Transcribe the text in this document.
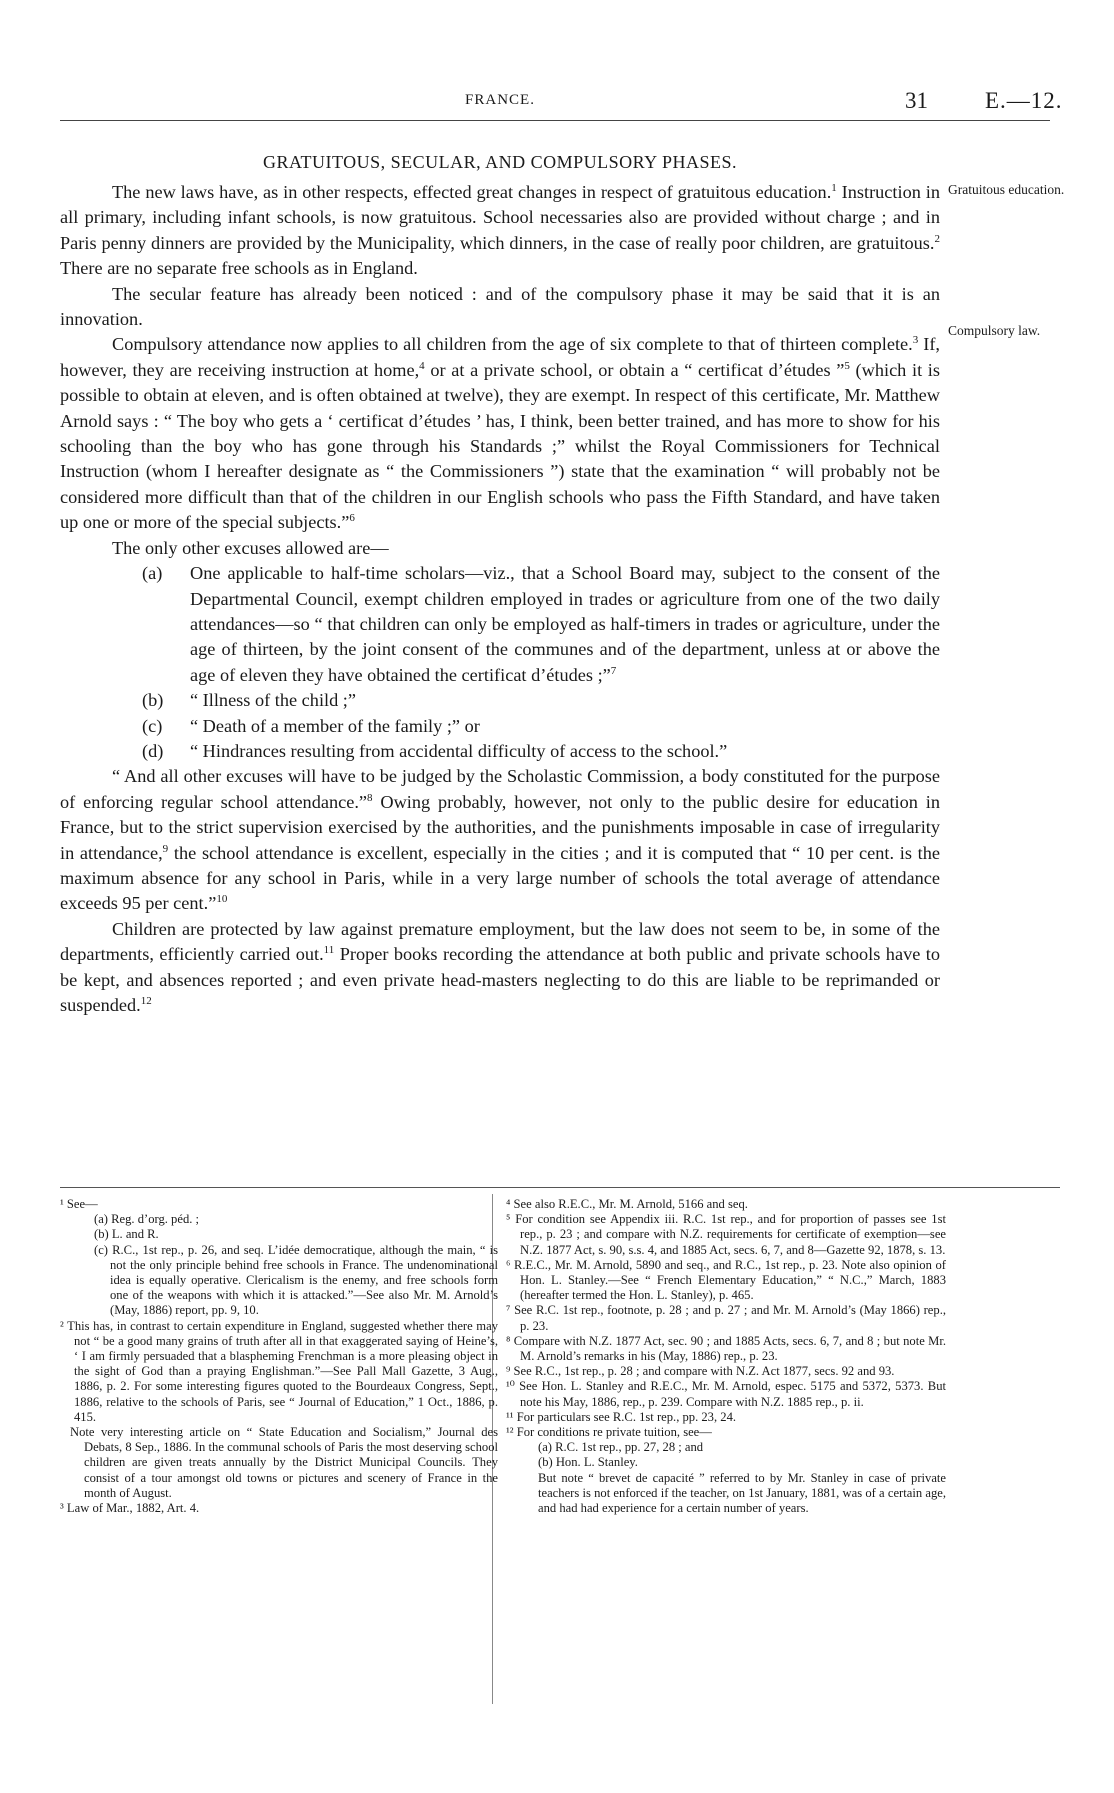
FRANCE.	31 E.—12.
GRATUITOUS, SECULAR, AND COMPULSORY PHASES.
Gratuitous education.
Compulsory law.

The new laws have, as in other respects, effected great changes in respect of gratuitous education.$^1$ Instruction in all primary, including infant schools, is now gratuitous. School necessaries also are provided without charge ; and in Paris penny dinners are provided by the Municipality, which dinners, in the case of really poor children, are gratuitous.$^2$ There are no separate free schools as in England.

The secular feature has already been noticed : and of the compulsory phase it may be said that it is an innovation.

Compulsory attendance now applies to all children from the age of six complete to that of thirteen complete.$^3$ If, however, they are receiving instruction at home,$^4$ or at a private school, or obtain a “ certificat d’études ”$^5$ (which it is possible to obtain at eleven, and is often obtained at twelve), they are exempt. In respect of this certificate, Mr. Matthew Arnold says : “ The boy who gets a ‘ certificat d’études ’ has, I think, been better trained, and has more to show for his schooling than the boy who has gone through his Standards ;” whilst the Royal Commissioners for Technical Instruction (whom I hereafter designate as “ the Commissioners ”) state that the examination “ will probably not be considered more difficult than that of the children in our English schools who pass the Fifth Standard, and have taken up one or more of the special subjects.”$^6$

The only other excuses allowed are—

(a) One applicable to half-time scholars—viz., that a School Board may, subject to the consent of the Departmental Council, exempt children employed in trades or agriculture from one of the two daily attendances—so “ that children can only be employed as half-timers in trades or agriculture, under the age of thirteen, by the joint consent of the communes and of the department, unless at or above the age of eleven they have obtained the certificat d’études ;”$^7$

(b) “ Illness of the child ;”

(c) “ Death of a member of the family ;” or

(d) “ Hindrances resulting from accidental difficulty of access to the school.”

“ And all other excuses will have to be judged by the Scholastic Commission, a body constituted for the purpose of enforcing regular school attendance.”$^8$ Owing probably, however, not only to the public desire for education in France, but to the strict supervision exercised by the authorities, and the punishments imposable in case of irregularity in attendance,$^9$ the school attendance is excellent, especially in the cities ; and it is computed that “ 10 per cent. is the maximum absence for any school in Paris, while in a very large number of schools the total average of attendance exceeds 95 per cent.”$^{10}$

Children are protected by law against premature employment, but the law does not seem to be, in some of the departments, efficiently carried out.$^{11}$ Proper books recording the attendance at both public and private schools have to be kept, and absences reported ; and even private head-masters neglecting to do this are liable to be reprimanded or suspended.$^{12}$

¹ See—

(a) Reg. d’org. péd. ;

(b) L. and R.

(c) R.C., 1st rep., p. 26, and seq. L’idée democratique, although the main, “ is not the only principle behind free schools in France. The undenominational idea is equally operative. Clericalism is the enemy, and free schools form one of the weapons with which it is attacked.”—See also Mr. M. Arnold’s (May, 1886) report, pp. 9, 10.

² This has, in contrast to certain expenditure in England, suggested whether there may not “ be a good many grains of truth after all in that exaggerated saying of Heine’s, ‘ I am firmly persuaded that a blaspheming Frenchman is a more pleasing object in the sight of God than a praying Englishman.”—See Pall Mall Gazette, 3 Aug., 1886, p. 2. For some interesting figures quoted to the Bourdeaux Congress, Sept., 1886, relative to the schools of Paris, see “ Journal of Education,” 1 Oct., 1886, p. 415.

Note very interesting article on “ State Education and Socialism,” Journal des Debats, 8 Sep., 1886. In the communal schools of Paris the most deserving school children are given treats annually by the District Municipal Councils. They consist of a tour amongst old towns or pictures and scenery of France in the month of August.

³ Law of Mar., 1882, Art. 4.

⁴ See also R.E.C., Mr. M. Arnold, 5166 and seq.

⁵ For condition see Appendix iii. R.C. 1st rep., and for proportion of passes see 1st rep., p. 23 ; and compare with N.Z. requirements for certificate of exemption—see N.Z. 1877 Act, s. 90, s.s. 4, and 1885 Act, secs. 6, 7, and 8—Gazette 92, 1878, s. 13.

⁶ R.E.C., Mr. M. Arnold, 5890 and seq., and R.C., 1st rep., p. 23. Note also opinion of Hon. L. Stanley.—See “ French Elementary Education,” “ N.C.,” March, 1883 (hereafter termed the Hon. L. Stanley), p. 465.

⁷ See R.C. 1st rep., footnote, p. 28 ; and p. 27 ; and Mr. M. Arnold’s (May 1866) rep., p. 23.

⁸ Compare with N.Z. 1877 Act, sec. 90 ; and 1885 Acts, secs. 6, 7, and 8 ; but note Mr. M. Arnold’s remarks in his (May, 1886) rep., p. 23.

⁹ See R.C., 1st rep., p. 28 ; and compare with N.Z. Act 1877, secs. 92 and 93.

¹⁰ See Hon. L. Stanley and R.E.C., Mr. M. Arnold, espec. 5175 and 5372, 5373. But note his May, 1886, rep., p. 239. Compare with N.Z. 1885 rep., p. ii.

¹¹ For particulars see R.C. 1st rep., pp. 23, 24.

¹² For conditions re private tuition, see—

(a) R.C. 1st rep., pp. 27, 28 ; and

(b) Hon. L. Stanley.

But note “ brevet de capacité ” referred to by Mr. Stanley in case of private teachers is not enforced if the teacher, on 1st January, 1881, was of a certain age, and had had experience for a certain number of years.
